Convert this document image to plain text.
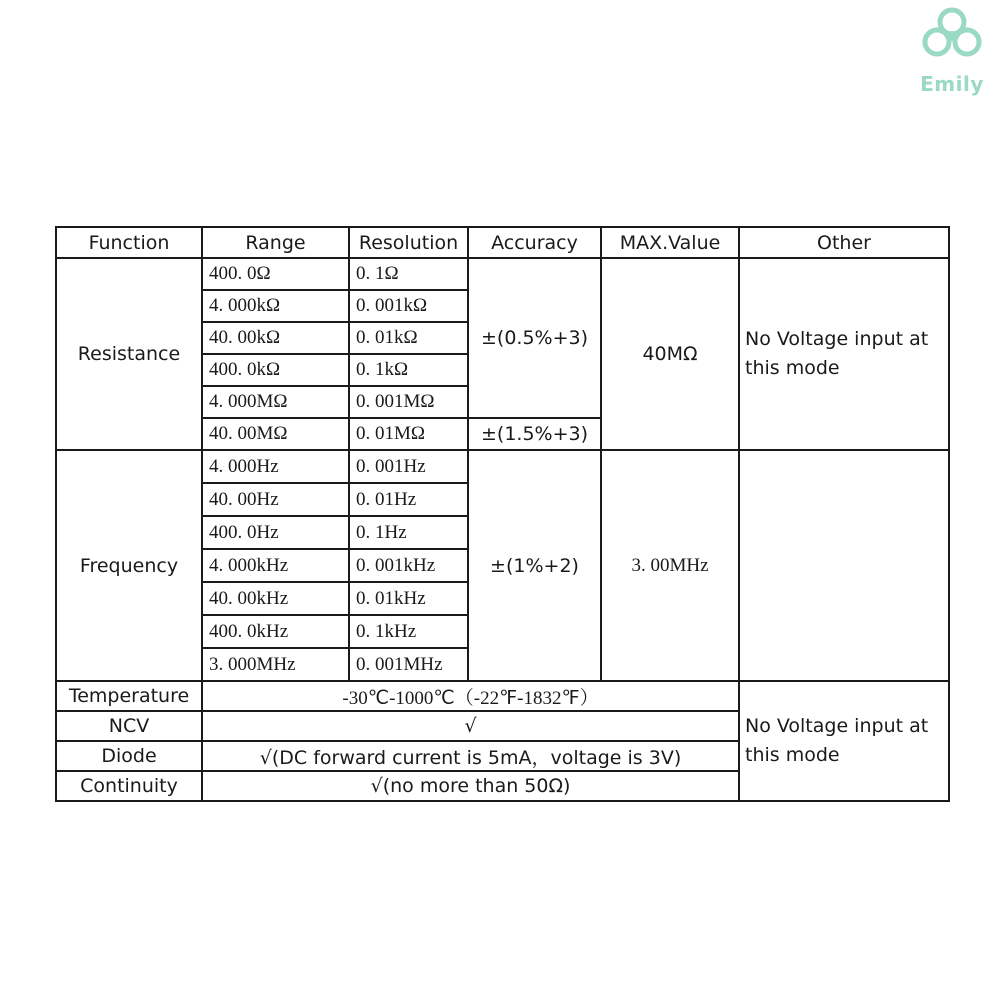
Emily
Function	Range	Resolution	Accuracy	MAX.Value	Other
Resistance	400. 0Ω	0. 1Ω	±(0.5%+3)	40MΩ	No Voltage input at this mode
	4. 000kΩ	0. 001kΩ			
	40. 00kΩ	0. 01kΩ			
	400. 0kΩ	0. 1kΩ			
	4. 000MΩ	0. 001MΩ			
	40. 00MΩ	0. 01MΩ	±(1.5%+3)		
Frequency	4. 000Hz	0. 001Hz	±(1%+2)	3. 00MHz	
	40. 00Hz	0. 01Hz			
	400. 0Hz	0. 1Hz			
	4. 000kHz	0. 001kHz			
	40. 00kHz	0. 01kHz			
	400. 0kHz	0. 1kHz			
	3. 000MHz	0. 001MHz			
Temperature	-30℃-1000℃（-22℉-1832℉）				No Voltage input at this mode
NCV	√				
Diode	√(DC forward current is 5mA，voltage is 3V)				
Continuity	√(no more than 50Ω)				
